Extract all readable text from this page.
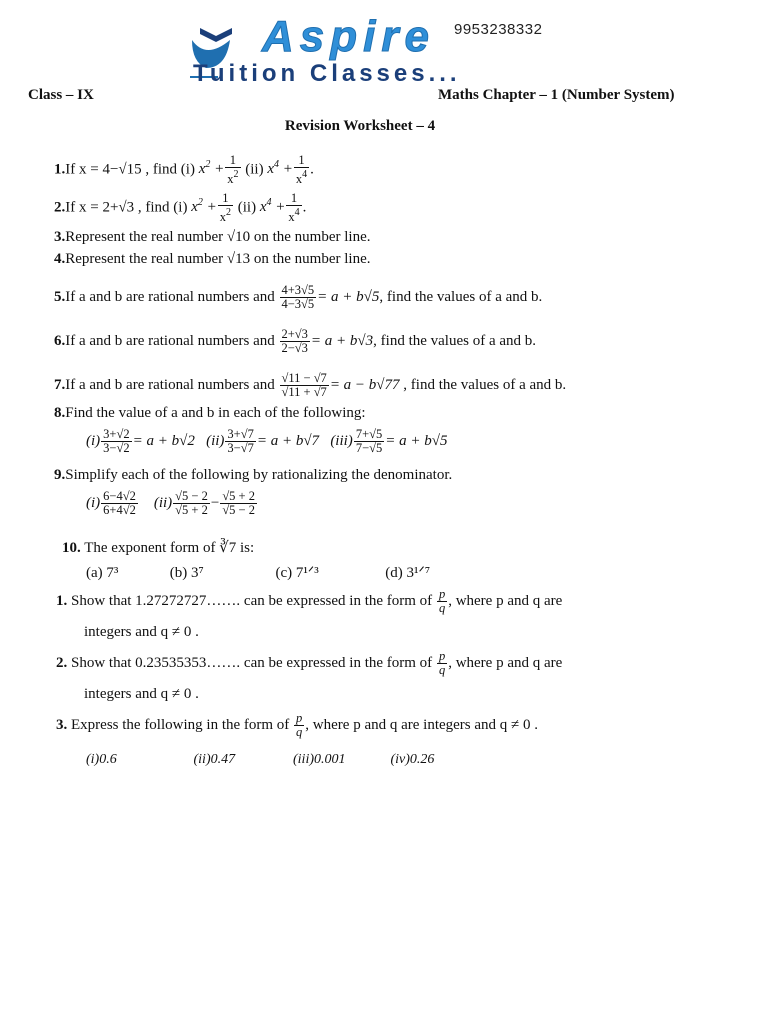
9953238332
Aspire
Tuition Classes...
Class – IX	Maths Chapter – 1 (Number System)
Revision Worksheet – 4
1.If x = 4−√15 , find (i) $x^2 + \frac{1}{x^2} (ii) x^4 + \frac{1}{x^4}$ .
2.If x = 2+√3 , find (i) $x^2 + \frac{1}{x^2} (ii) x^4 + \frac{1}{x^4}$ .
3.Represent the real number √10 on the number line.
4.Represent the real number √13 on the number line.
5.If a and b are rational numbers and $\frac{4+3√5}{4-3√5} = a + b√5$, find the values of a and b.
6.If a and b are rational numbers and $\frac{2+√3}{2-√3} = a + b√3$, find the values of a and b.
7.If a and b are rational numbers and $\frac{√11 - √7}{√11 + √7} = a - b√77$ , find the values of a and b.
8.Find the value of a and b in each of the following:
$(i) \frac{3+√2}{3-√2} = a + b√2$ $(ii) \frac{3+√7}{3-√7} = a + b√7$ $(iii) \frac{7+√5}{7-√5} = a + b√5$
9.Simplify each of the following by rationalizing the denominator.
$(i) \frac{6-4√2}{6+4√2} (ii) \frac{√5 - 2}{√5 + 2} - \frac{√5 + 2}{√5 - 2}$
10. The exponent form of ∛7 is:
(a) 7³	(b) 3⁷	(c) 7¹ᐟ³	(d) 3¹ᐟ⁷
1. Show that 1.27272727……. can be expressed in the form of $\frac{p}{q}$ , where p and q are
integers and q ≠ 0 .
2. Show that 0.23535353……. can be expressed in the form of $\frac{p}{q}$ , where p and q are
integers and q ≠ 0 .
3. Express the following in the form of $\frac{p}{q}$ , where p and q are integers and q ≠ 0 .
(i)0.6	(ii)0.47	(iii)0.001	(iv)0.26
